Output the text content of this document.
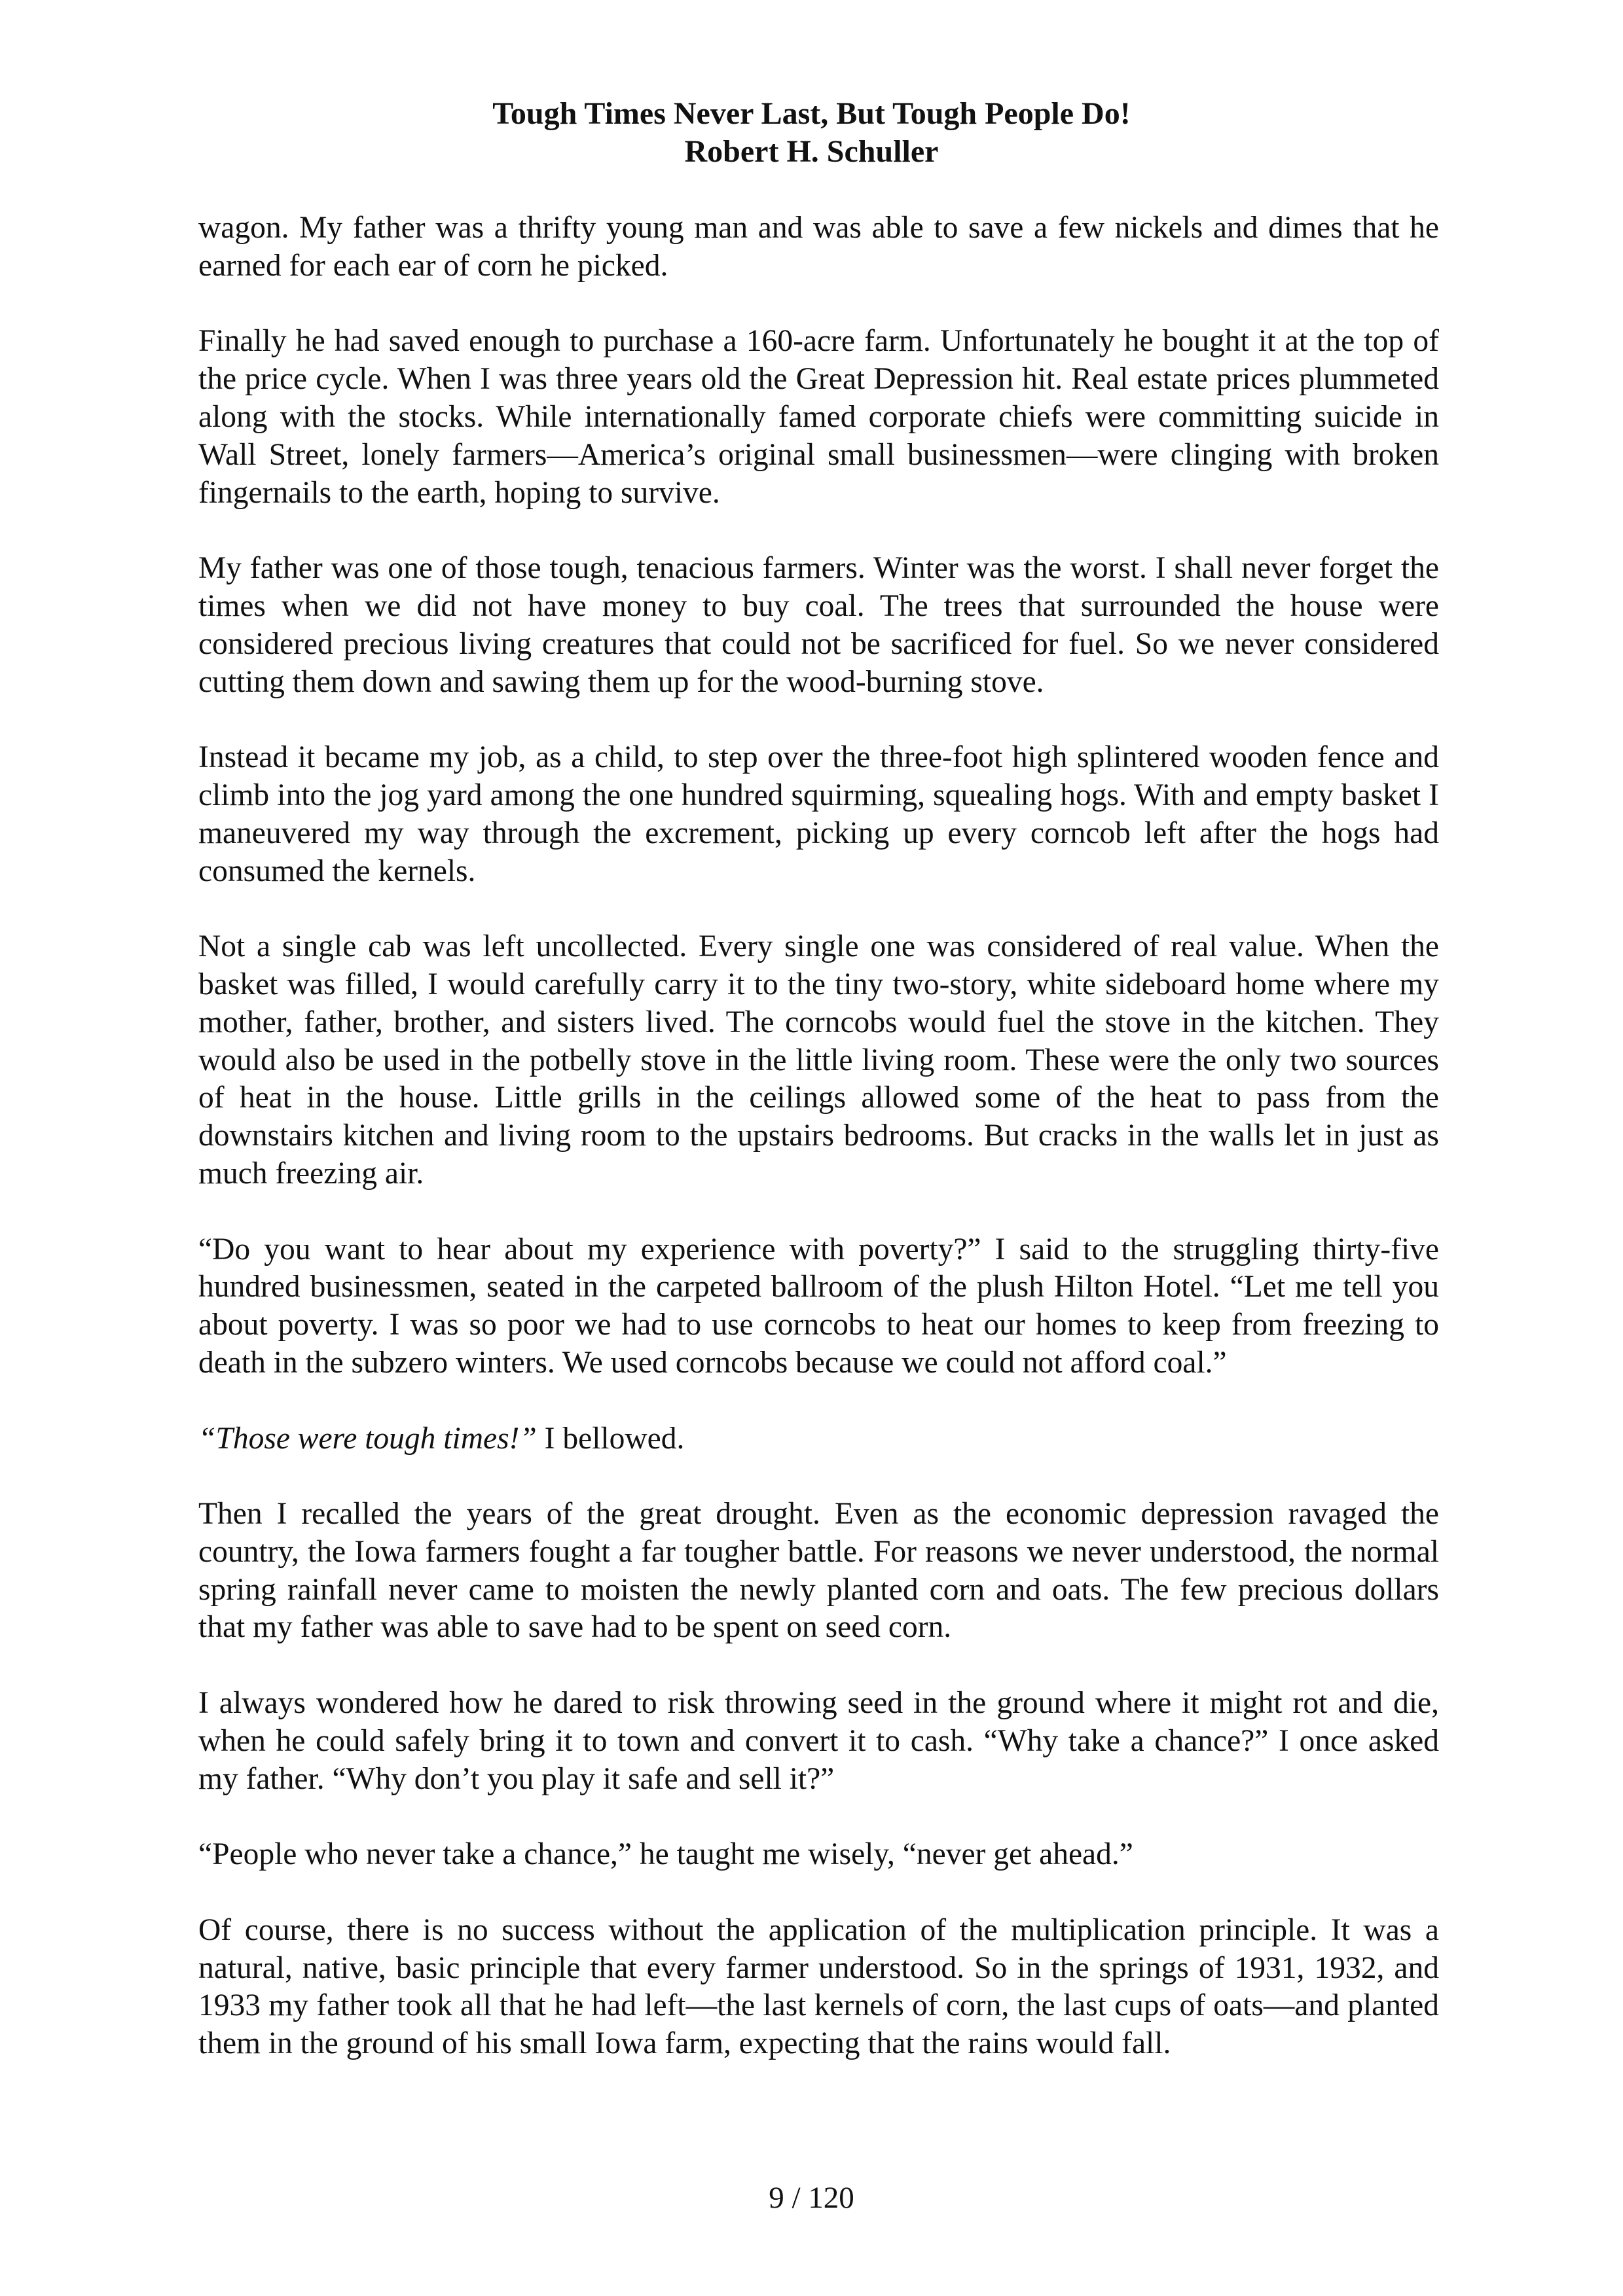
Tough Times Never Last, But Tough People Do!
Robert H. Schuller

wagon. My father was a thrifty young man and was able to save a few nickels and dimes that he earned for each ear of corn he picked.

Finally he had saved enough to purchase a 160-acre farm. Unfortunately he bought it at the top of the price cycle. When I was three years old the Great Depression hit. Real estate prices plummeted along with the stocks. While internationally famed corporate chiefs were committing suicide in Wall Street, lonely farmers—America’s original small businessmen—were clinging with broken fingernails to the earth, hoping to survive.

My father was one of those tough, tenacious farmers. Winter was the worst. I shall never forget the times when we did not have money to buy coal. The trees that surrounded the house were considered precious living creatures that could not be sacrificed for fuel. So we never considered cutting them down and sawing them up for the wood-burning stove.

Instead it became my job, as a child, to step over the three-foot high splintered wooden fence and climb into the jog yard among the one hundred squirming, squealing hogs. With and empty basket I maneuvered my way through the excrement, picking up every corncob left after the hogs had consumed the kernels.

Not a single cab was left uncollected. Every single one was considered of real value. When the basket was filled, I would carefully carry it to the tiny two-story, white sideboard home where my mother, father, brother, and sisters lived. The corncobs would fuel the stove in the kitchen. They would also be used in the potbelly stove in the little living room. These were the only two sources of heat in the house. Little grills in the ceilings allowed some of the heat to pass from the downstairs kitchen and living room to the upstairs bedrooms. But cracks in the walls let in just as much freezing air.

“Do you want to hear about my experience with poverty?” I said to the struggling thirty-five hundred businessmen, seated in the carpeted ballroom of the plush Hilton Hotel. “Let me tell you about poverty. I was so poor we had to use corncobs to heat our homes to keep from freezing to death in the subzero winters. We used corncobs because we could not afford coal.”

“Those were tough times!” I bellowed.

Then I recalled the years of the great drought. Even as the economic depression ravaged the country, the Iowa farmers fought a far tougher battle. For reasons we never understood, the normal spring rainfall never came to moisten the newly planted corn and oats. The few precious dollars that my father was able to save had to be spent on seed corn.

I always wondered how he dared to risk throwing seed in the ground where it might rot and die, when he could safely bring it to town and convert it to cash. “Why take a chance?” I once asked my father. “Why don’t you play it safe and sell it?”

“People who never take a chance,” he taught me wisely, “never get ahead.”

Of course, there is no success without the application of the multiplication principle. It was a natural, native, basic principle that every farmer understood. So in the springs of 1931, 1932, and 1933 my father took all that he had left—the last kernels of corn, the last cups of oats—and planted them in the ground of his small Iowa farm, expecting that the rains would fall.

9 / 120
